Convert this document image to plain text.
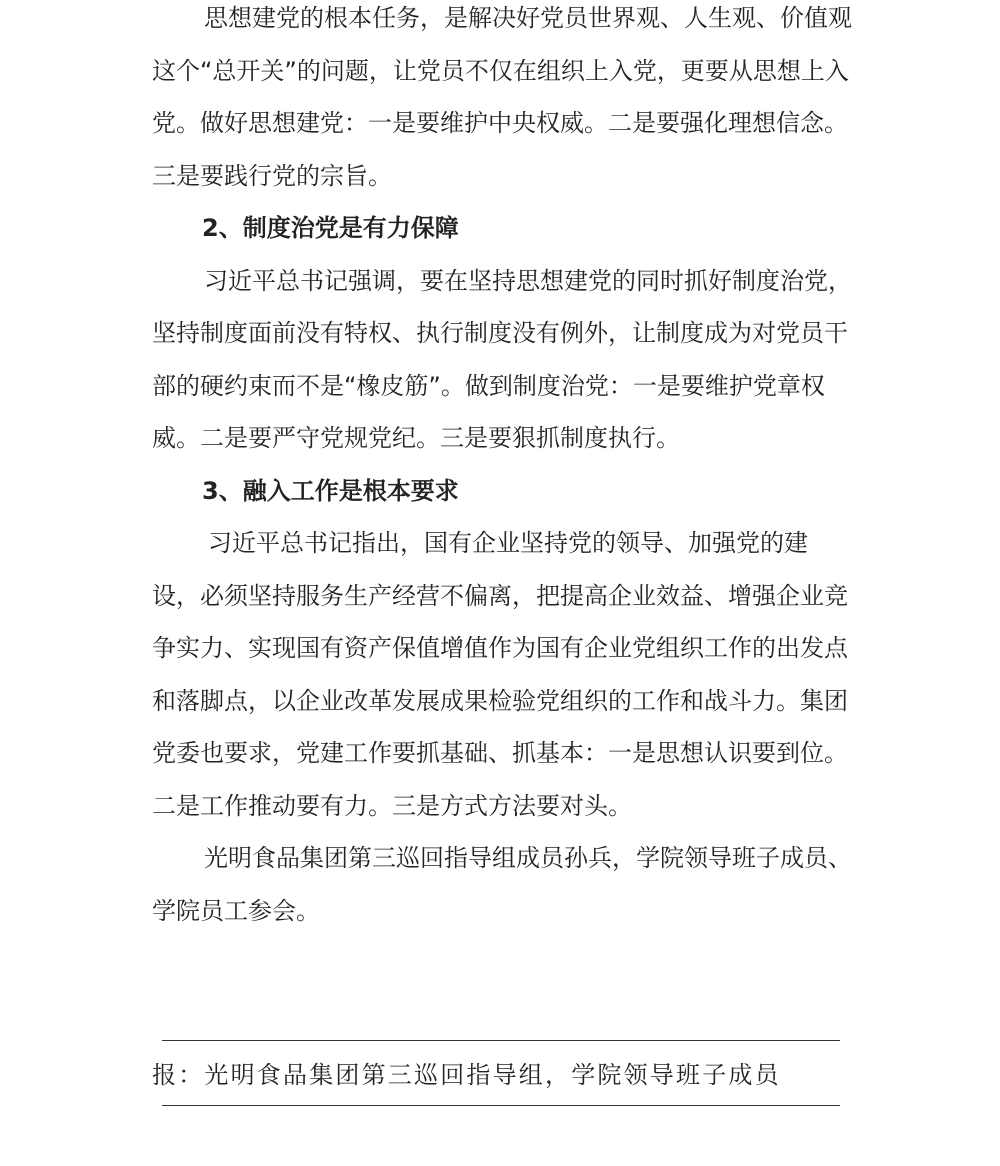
思想建党的根本任务，是解决好党员世界观、人生观、价值观这个“总开关”的问题，让党员不仅在组织上入党，更要从思想上入党。做好思想建党：一是要维护中央权威。二是要强化理想信念。三是要践行党的宗旨。

2、制度治党是有力保障

习近平总书记强调，要在坚持思想建党的同时抓好制度治党，坚持制度面前没有特权、执行制度没有例外，让制度成为对党员干部的硬约束而不是“橡皮筋”。做到制度治党：一是要维护党章权威。二是要严守党规党纪。三是要狠抓制度执行。

3、融入工作是根本要求

习近平总书记指出，国有企业坚持党的领导、加强党的建设，必须坚持服务生产经营不偏离，把提高企业效益、增强企业竞争实力、实现国有资产保值增值作为国有企业党组织工作的出发点和落脚点，以企业改革发展成果检验党组织的工作和战斗力。集团党委也要求，党建工作要抓基础、抓基本：一是思想认识要到位。二是工作推动要有力。三是方式方法要对头。

光明食品集团第三巡回指导组成员孙兵，学院领导班子成员、学院员工参会。

报：光明食品集团第三巡回指导组，学院领导班子成员
